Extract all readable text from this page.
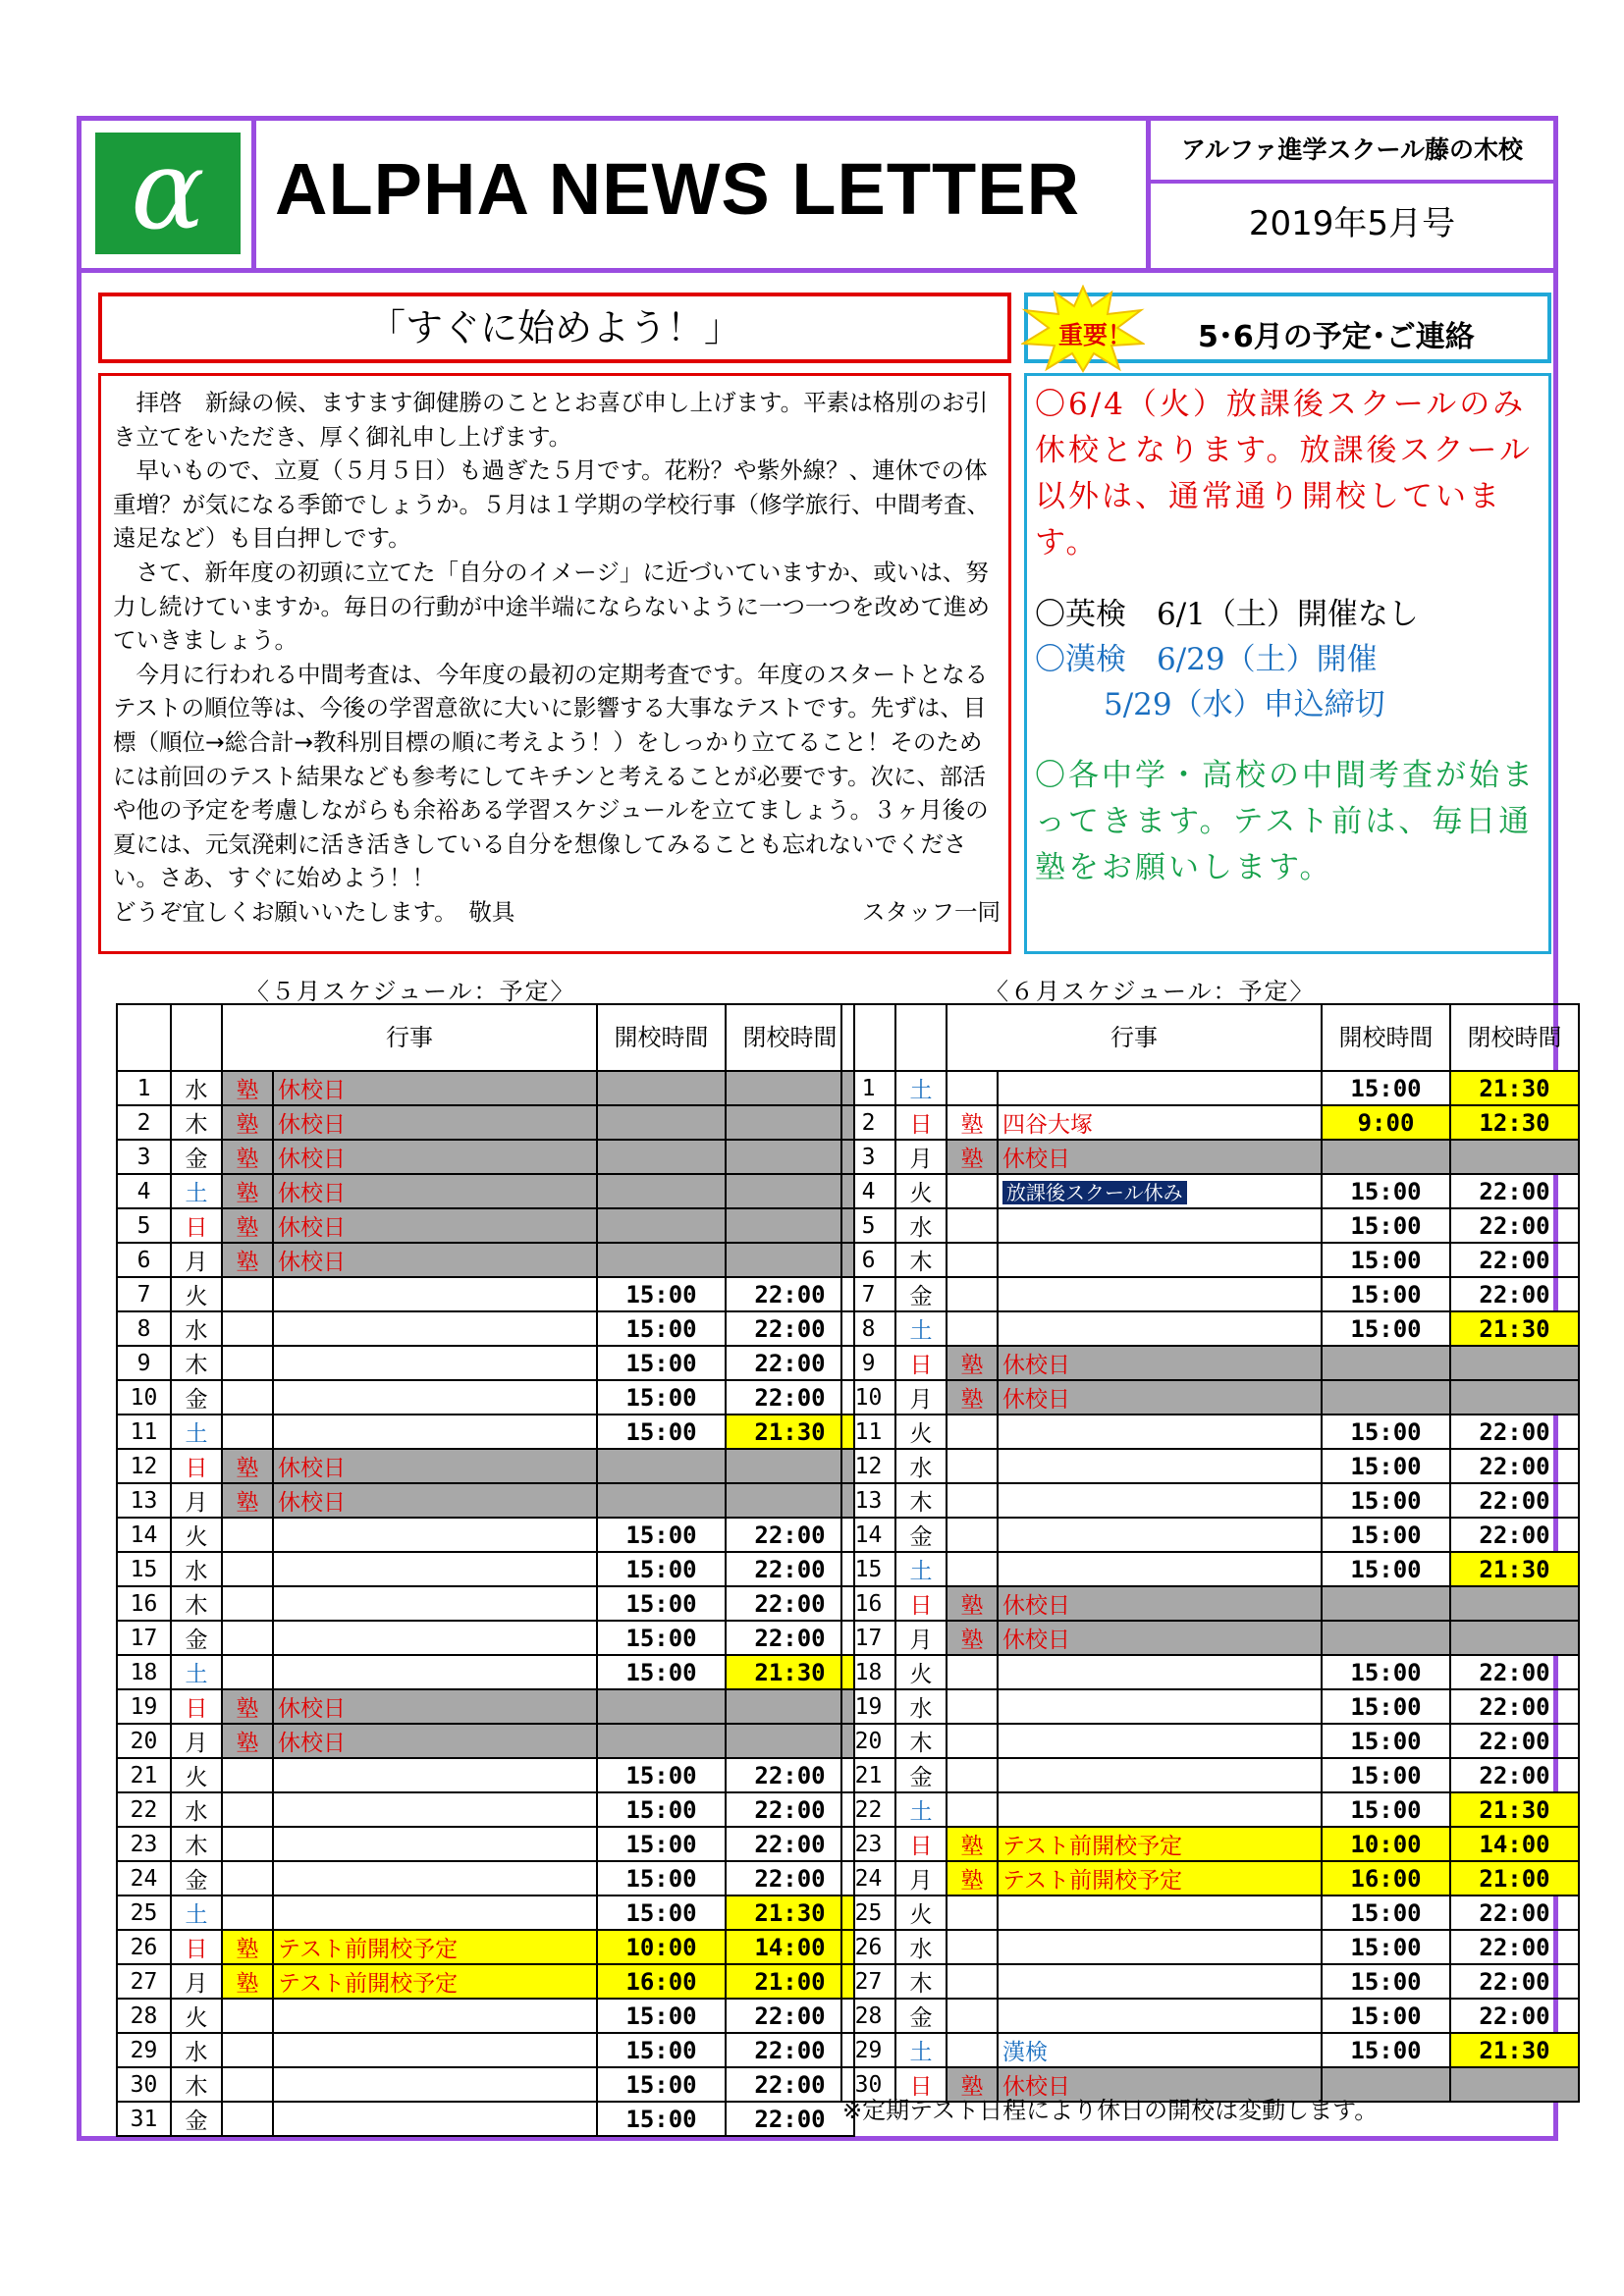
α ALPHA NEWS LETTER	アルファ進学スクール藤の木校
2019年5月号
「すぐに始めよう！」

拝啓　新緑の候、ますます御健勝のこととお喜び申し上げます。平素は格別のお引き立てをいただき、厚く御礼申し上げます。

早いもので、立夏（５月５日）も過ぎた５月です。花粉？や紫外線？、連休での体重増？が気になる季節でしょうか。５月は１学期の学校行事（修学旅行、中間考査、遠足など）も目白押しです。

さて、新年度の初頭に立てた「自分のイメージ」に近づいていますか、或いは、努力し続けていますか。毎日の行動が中途半端にならないように一つ一つを改めて進めていきましょう。

今月に行われる中間考査は、今年度の最初の定期考査です。年度のスタートとなるテストの順位等は、今後の学習意欲に大いに影響する大事なテストです。先ずは、目標（順位→総合計→教科別目標の順に考えよう！）をしっかり立てること！そのためには前回のテスト結果なども参考にしてキチンと考えることが必要です。次に、部活や他の予定を考慮しながらも余裕ある学習スケジュールを立てましょう。３ヶ月後の夏には、元気溌剌に活き活きしている自分を想像してみることも忘れないでください。さあ、すぐに始めよう！！

どうぞ宜しくお願いいたします。　敬具	スタッフ一同

重要！ 5･6月の予定･ご連絡
〇6/4（火）放課後スクールのみ休校となります。放課後スクール以外は、通常通り開校しています。
〇英検　6/1（土）開催なし
〇漢検　6/29（土）開催
5/29（水）申込締切
〇各中学・高校の中間考査が始まってきます。テスト前は、毎日通塾をお願いします。
〈５月スケジュール：予定〉	〈６月スケジュール：予定〉
		行事		開校時間	閉校時間
1	水	塾	休校日		
2	木	塾	休校日		
3	金	塾	休校日		
4	土	塾	休校日		
5	日	塾	休校日		
6	月	塾	休校日		
7	火			15:00	22:00
8	水			15:00	22:00
9	木			15:00	22:00
10	金			15:00	22:00
11	土			15:00	21:30
12	日	塾	休校日		
13	月	塾	休校日		
14	火			15:00	22:00
15	水			15:00	22:00
16	木			15:00	22:00
17	金			15:00	22:00
18	土			15:00	21:30
19	日	塾	休校日		
20	月	塾	休校日		
21	火			15:00	22:00
22	水			15:00	22:00
23	木			15:00	22:00
24	金			15:00	22:00
25	土			15:00	21:30
26	日	塾	テスト前開校予定	10:00	14:00
27	月	塾	テスト前開校予定	16:00	21:00
28	火			15:00	22:00
29	水			15:00	22:00
30	木			15:00	22:00
31	金			15:00	22:00
		行事		開校時間	閉校時間
1	土			15:00	21:30
2	日	塾	四谷大塚	9:00	12:30
3	月	塾	休校日		
4	火		放課後スクール休み	15:00	22:00
5	水			15:00	22:00
6	木			15:00	22:00
7	金			15:00	22:00
8	土			15:00	21:30
9	日	塾	休校日		
10	月	塾	休校日		
11	火			15:00	22:00
12	水			15:00	22:00
13	木			15:00	22:00
14	金			15:00	22:00
15	土			15:00	21:30
16	日	塾	休校日		
17	月	塾	休校日		
18	火			15:00	22:00
19	水			15:00	22:00
20	木			15:00	22:00
21	金			15:00	22:00
22	土			15:00	21:30
23	日	塾	テスト前開校予定	10:00	14:00
24	月	塾	テスト前開校予定	16:00	21:00
25	火			15:00	22:00
26	水			15:00	22:00
27	木			15:00	22:00
28	金			15:00	22:00
29	土		漢検	15:00	21:30
30	日	塾	休校日		
※定期テスト日程により休日の開校は変動します。
